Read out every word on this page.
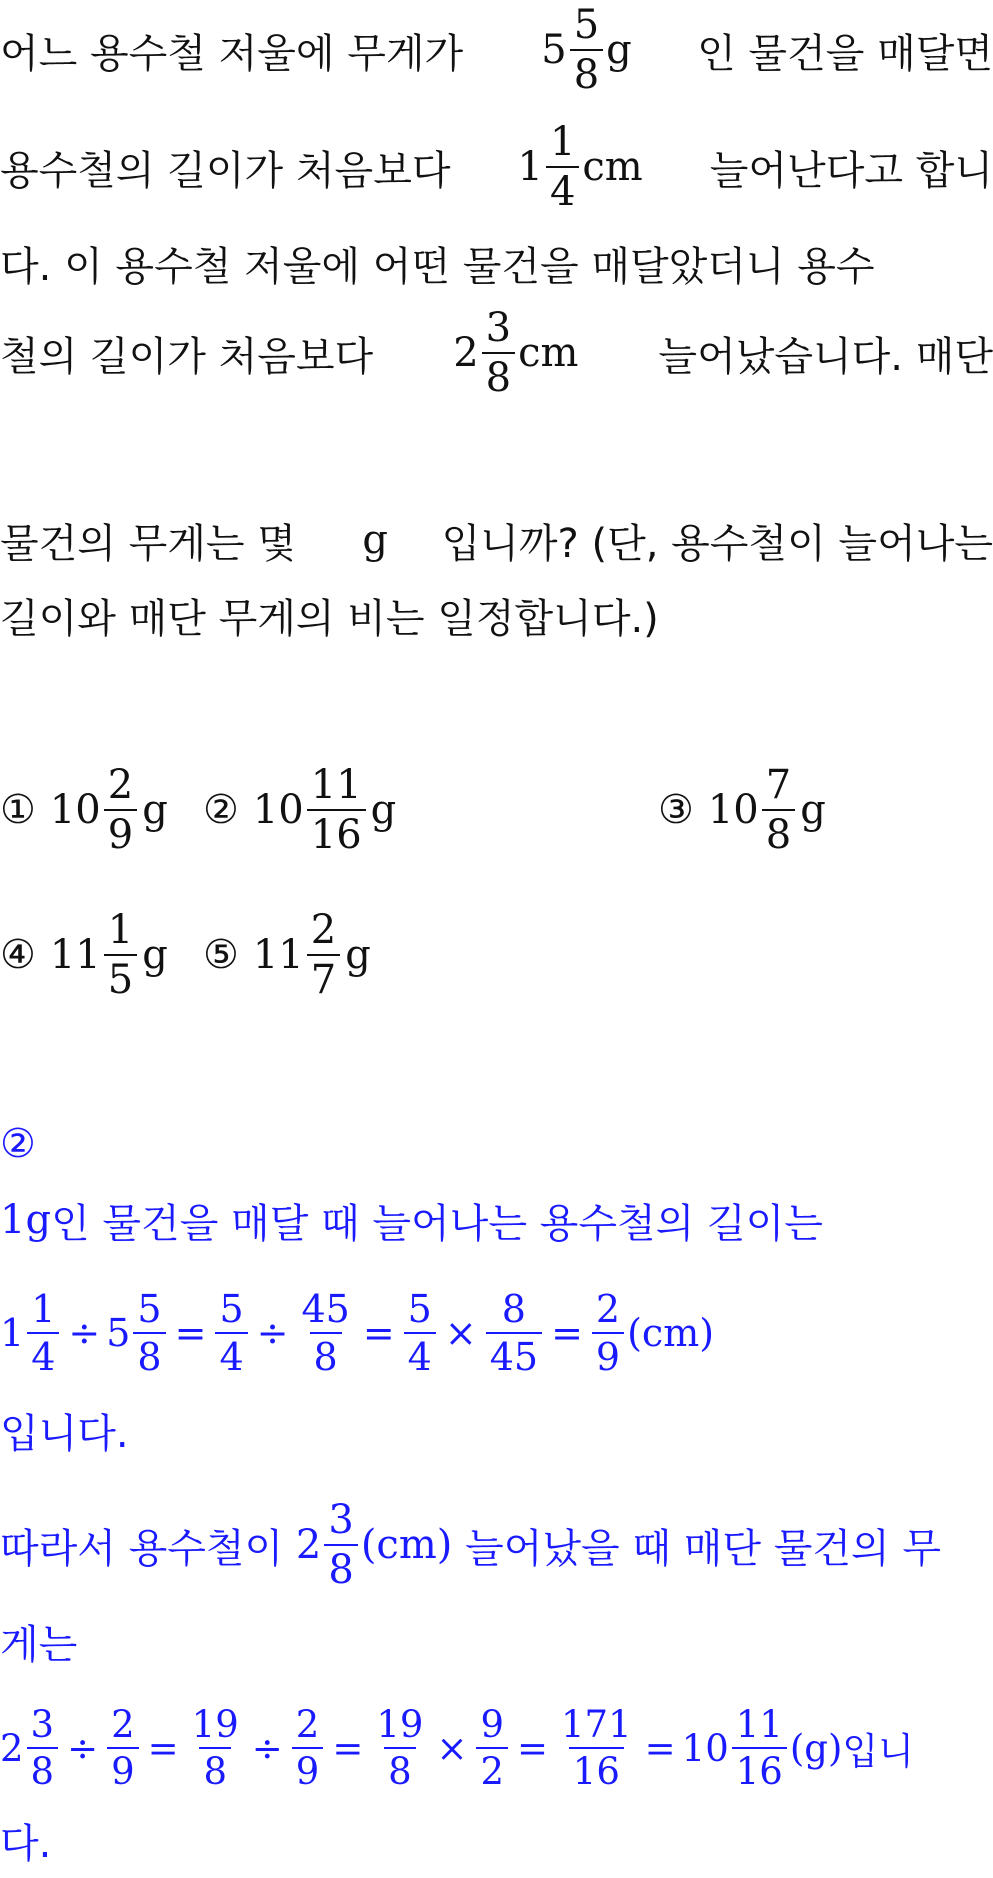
어느 용수철 저울에 무게가 $5 \frac{5}{8}$ g 인 물건을 매달면
용수철의 길이가 처음보다 $1 \frac{1}{4}$ cm 늘어난다고 합니
다. 이 용수철 저울에 어떤 물건을 매달았더니 용수
철의 길이가 처음보다 $2 \frac{3}{8}$ cm 늘어났습니다. 매단
물건의 무게는 몇 g 입니까? (단, 용수철이 늘어나는
길이와 매단 무게의 비는 일정합니다.)
① $10 \frac{2}{9}$ g ② $10 \frac{11}{16}$ g	③ $10 \frac{7}{8}$ g
④ $11 \frac{1}{5}$ g ⑤ $11 \frac{2}{7}$ g
②
1 g 인 물건을 매달 때 늘어나는 용수철의 길이는
$1 \frac{1}{4} \div 5 \frac{5}{8} = \frac{5}{4} \div \frac{45}{8} = \frac{5}{4} \times \frac{8}{45} = \frac{2}{9} (cm)$
입니다.
따라서 용수철이 $2 \frac{3}{8} (cm)$ 늘어났을 때 매단 물건의 무
게는
$2 \frac{3}{8} \div \frac{2}{9} = \frac{19}{8} \div \frac{2}{9} = \frac{19}{8} \times \frac{9}{2} = \frac{171}{16} = 10 \frac{11}{16} (g)$ 입니
다.
